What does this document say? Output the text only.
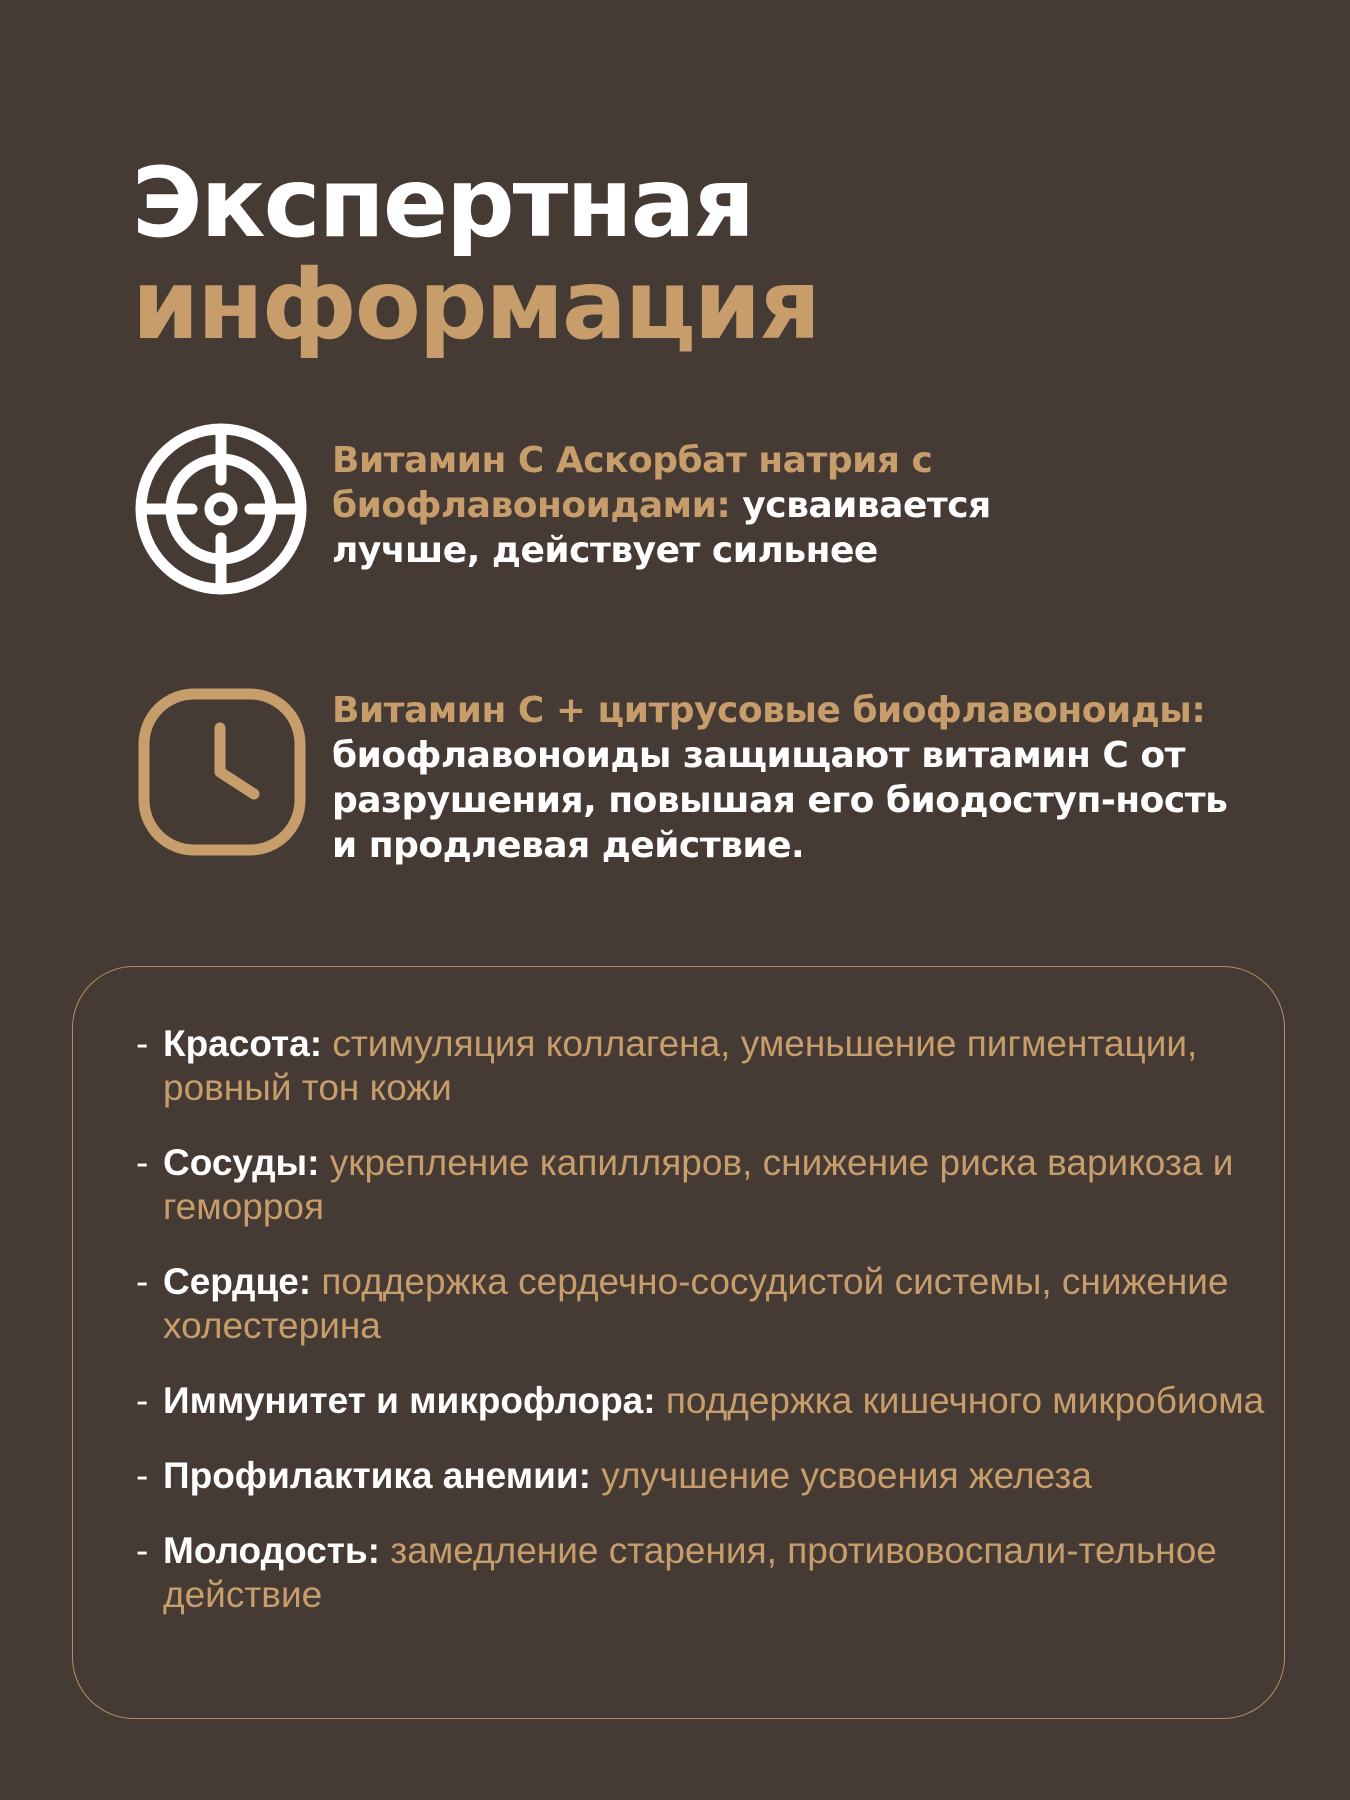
Экспертная
информация
Витамин С Аскорбат натрия с биофлавоноидами: усваивается лучше, действует сильнее
Витамин С + цитрусовые биофлавоноиды: биофлавоноиды защищают витамин С от разрушения, повышая его биодоступ-ность и продлевая действие.
- Красота: стимуляция коллагена, уменьшение пигментации, ровный тон кожи
- Сосуды: укрепление капилляров, снижение риска варикоза и геморроя
- Сердце: поддержка сердечно-сосудистой системы, снижение холестерина
- Иммунитет и микрофлора: поддержка кишечного микробиома
- Профилактика анемии: улучшение усвоения железа
- Молодость: замедление старения, противовоспали-тельное действие
